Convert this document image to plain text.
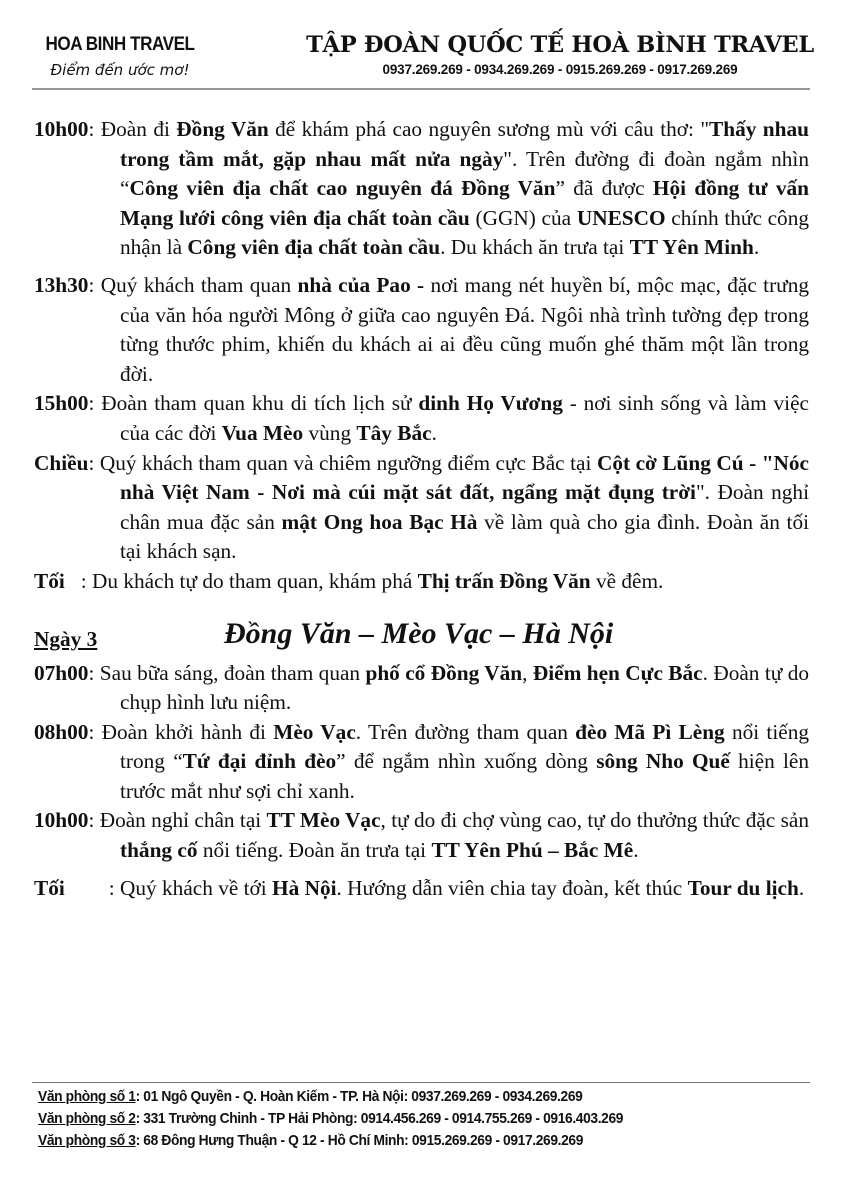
HOA BINH TRAVEL
Điểm đến ước mơ!
TẬP ĐOÀN QUỐC TẾ HOÀ BÌNH TRAVEL
0937.269.269 - 0934.269.269 - 0915.269.269 - 0917.269.269
10h00: Đoàn đi Đồng Văn để khám phá cao nguyên sương mù với câu thơ: "Thấy nhau trong tầm mắt, gặp nhau mất nửa ngày". Trên đường đi đoàn ngắm nhìn “Công viên địa chất cao nguyên đá Đồng Văn” đã được Hội đồng tư vấn Mạng lưới công viên địa chất toàn cầu (GGN) của UNESCO chính thức công nhận là Công viên địa chất toàn cầu. Du khách ăn trưa tại TT Yên Minh.
13h30: Quý khách tham quan nhà của Pao - nơi mang nét huyền bí, mộc mạc, đặc trưng của văn hóa người Mông ở giữa cao nguyên Đá. Ngôi nhà trình tường đẹp trong từng thước phim, khiến du khách ai ai đều cũng muốn ghé thăm một lần trong đời.
15h00: Đoàn tham quan khu di tích lịch sử dinh Họ Vương - nơi sinh sống và làm việc của các đời Vua Mèo vùng Tây Bắc.
Chiều: Quý khách tham quan và chiêm ngưỡng điểm cực Bắc tại Cột cờ Lũng Cú - "Nóc nhà Việt Nam - Nơi mà cúi mặt sát đất, ngẩng mặt đụng trời". Đoàn nghỉ chân mua đặc sản mật Ong hoa Bạc Hà về làm quà cho gia đình. Đoàn ăn tối tại khách sạn.
Tối : Du khách tự do tham quan, khám phá Thị trấn Đồng Văn về đêm.
Ngày 3	Đồng Văn – Mèo Vạc – Hà Nội
07h00: Sau bữa sáng, đoàn tham quan phố cổ Đồng Văn, Điểm hẹn Cực Bắc. Đoàn tự do chụp hình lưu niệm.
08h00: Đoàn khởi hành đi Mèo Vạc. Trên đường tham quan đèo Mã Pì Lèng nổi tiếng trong “Tứ đại đỉnh đèo” để ngắm nhìn xuống dòng sông Nho Quế hiện lên trước mắt như sợi chỉ xanh.
10h00: Đoàn nghỉ chân tại TT Mèo Vạc, tự do đi chợ vùng cao, tự do thưởng thức đặc sản thắng cố nổi tiếng. Đoàn ăn trưa tại TT Yên Phú – Bắc Mê.
Tối : Quý khách về tới Hà Nội. Hướng dẫn viên chia tay đoàn, kết thúc Tour du lịch.
Văn phòng số 1: 01 Ngô Quyền - Q. Hoàn Kiếm - TP. Hà Nội: 0937.269.269 - 0934.269.269
Văn phòng số 2: 331 Trường Chinh - TP Hải Phòng: 0914.456.269 - 0914.755.269 - 0916.403.269
Văn phòng số 3: 68 Đông Hưng Thuận - Q 12 - Hồ Chí Minh: 0915.269.269 - 0917.269.269
